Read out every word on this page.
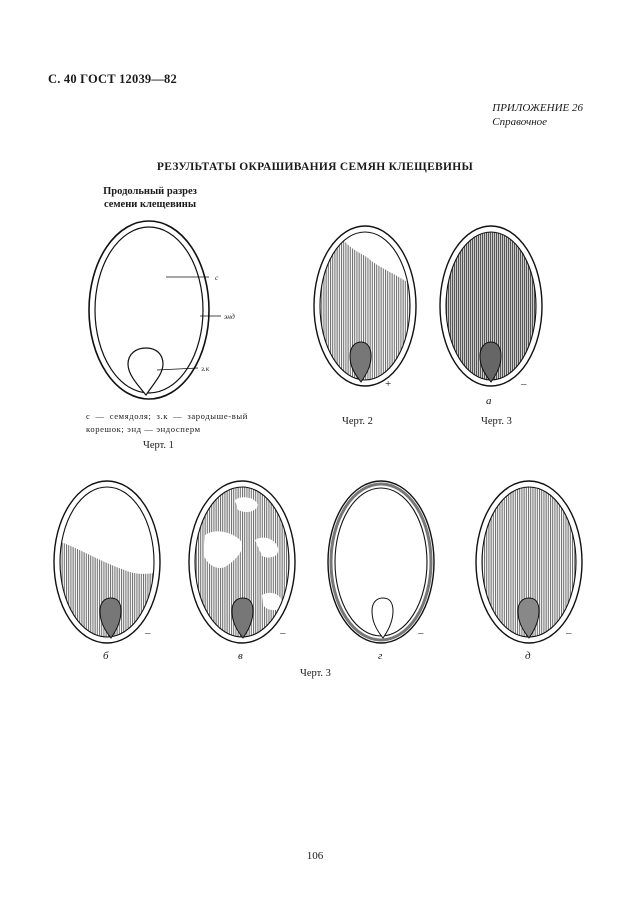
С. 40 ГОСТ 12039—82
ПРИЛОЖЕНИЕ 26
Справочное
РЕЗУЛЬТАТЫ ОКРАШИВАНИЯ СЕМЯН КЛЕЩЕВИНЫ
Продольный разрез
семени клещевины
с
энд
з.к
с — семядоля; з.к — зародыше-вый корешок; энд — эндосперм
Черт. 1
+
Черт. 2
–
а
Черт. 3
–
б
–
в
–
г
–
д
Черт. 3
106
